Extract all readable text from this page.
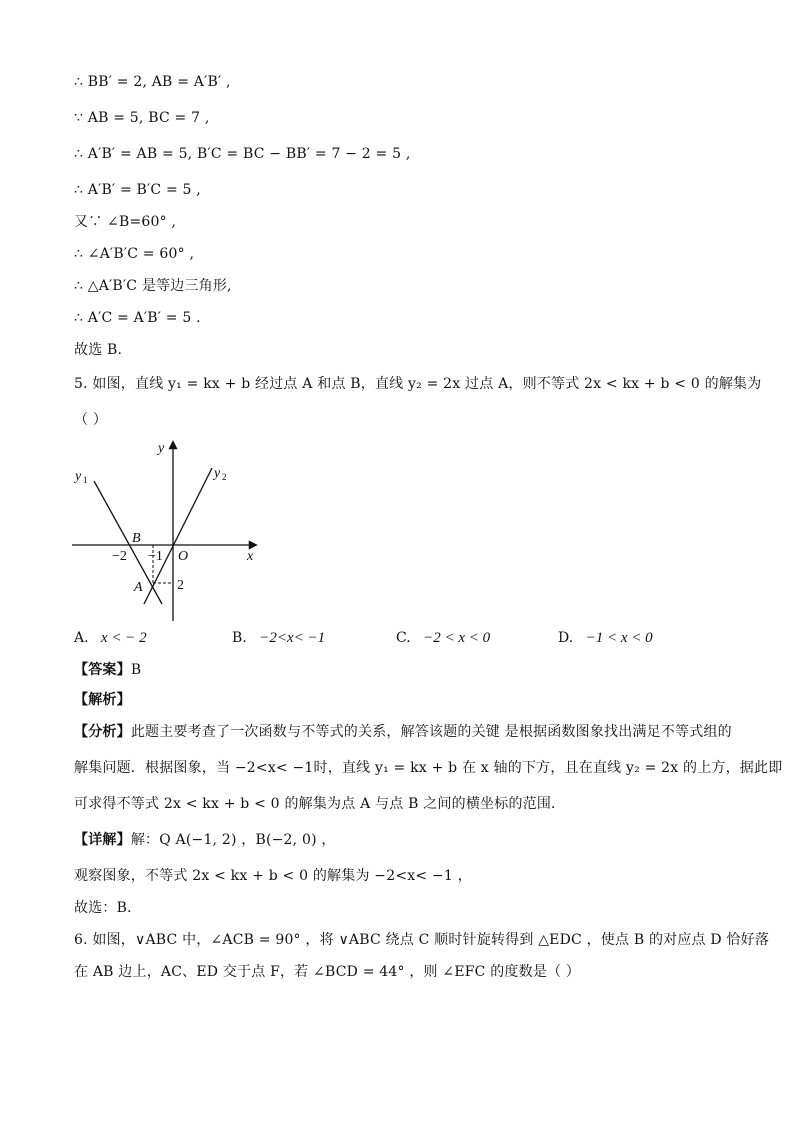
∴ BB′ = 2, AB = A′B′ ,
∵ AB = 5, BC = 7 ,
∴ A′B′ = AB = 5, B′C = BC − BB′ = 7 − 2 = 5 ,
∴ A′B′ = B′C = 5 ,
又∵ ∠B=60° ,
∴ ∠A′B′C = 60° ,
∴ △A′B′C 是等边三角形,
∴ A′C = A′B′ = 5 .
故选 B.
5. 如图，直线 y₁ = kx + b 经过点 A 和点 B，直线 y₂ = 2x 过点 A，则不等式 2x < kx + b < 0 的解集为
（ ）
y
x
O
y 1	y 2
B
A
−2 −1
2
A. x < − 2	B. −2<x< −1	C. −2 < x < 0	D. −1 < x < 0
【答案】B
【解析】
【分析】此题主要考查了一次函数与不等式的关系，解答该题的关键 是根据函数图象找出满足不等式组的
解集问题．根据图象，当 −2<x< −1时，直线 y₁ = kx + b 在 x 轴的下方，且在直线 y₂ = 2x 的上方，据此即
可求得不等式 2x < kx + b < 0 的解集为点 A 与点 B 之间的横坐标的范围．
【详解】解：Q A(−1, 2) ，B(−2, 0) ，
观察图象，不等式 2x < kx + b < 0 的解集为 −2<x< −1 ，
故选：B．
6. 如图，∨ABC 中，∠ACB = 90° ，将 ∨ABC 绕点 C 顺时针旋转得到 △EDC ，使点 B 的对应点 D 恰好落
在 AB 边上，AC、ED 交于点 F，若 ∠BCD = 44° ，则 ∠EFC 的度数是（ ）
